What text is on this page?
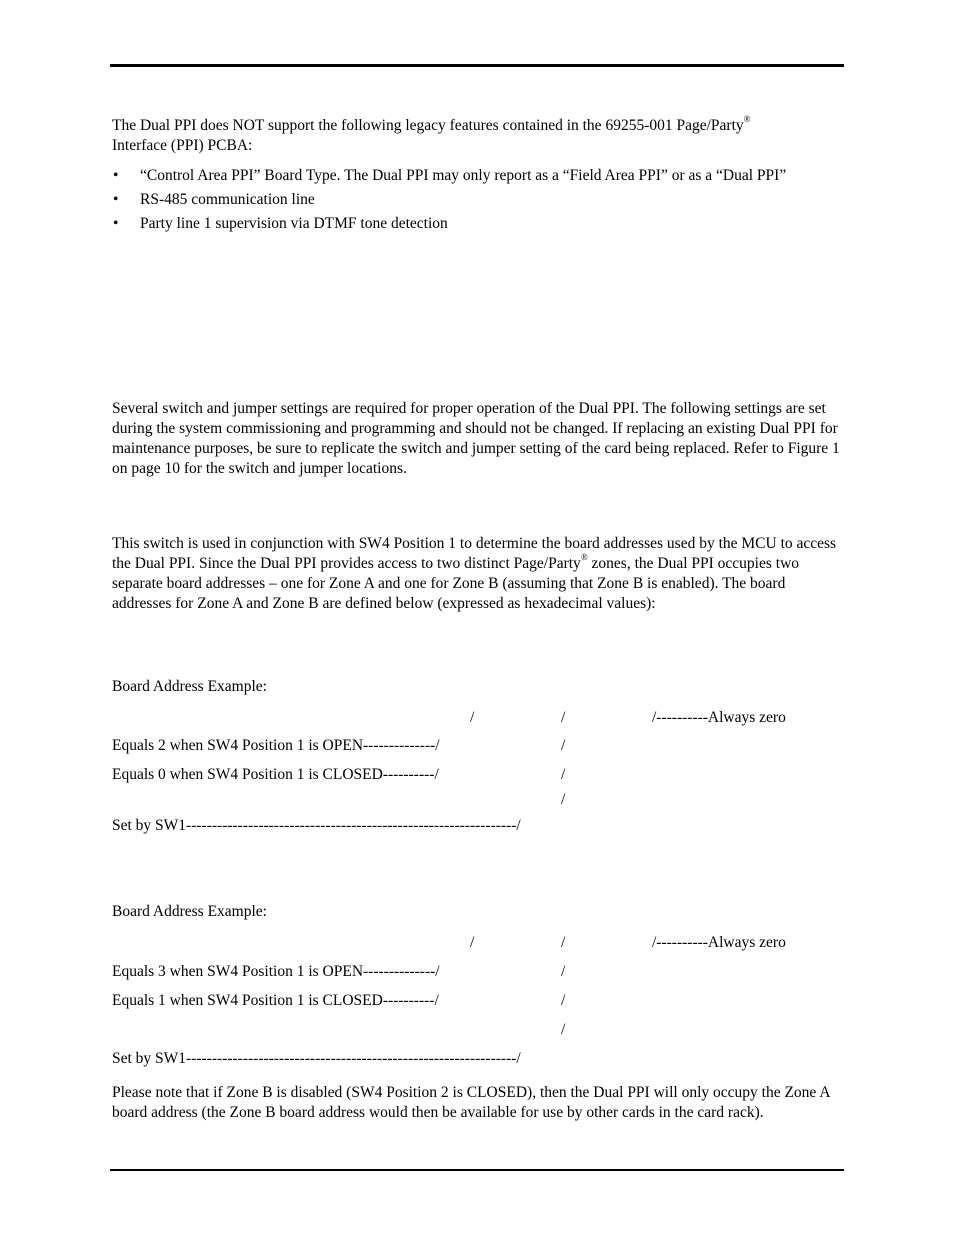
The Dual PPI does NOT support the following legacy features contained in the 69255-001 Page/Party®
Interface (PPI) PCBA:

• “Control Area PPI” Board Type. The Dual PPI may only report as a “Field Area PPI” or as a “Dual PPI”
• RS-485 communication line
• Party line 1 supervision via DTMF tone detection

Several switch and jumper settings are required for proper operation of the Dual PPI. The following settings are set during the system commissioning and programming and should not be changed. If replacing an existing Dual PPI for maintenance purposes, be sure to replicate the switch and jumper setting of the card being replaced. Refer to Figure 1 on page 10 for the switch and jumper locations.

This switch is used in conjunction with SW4 Position 1 to determine the board addresses used by the MCU to access the Dual PPI. Since the Dual PPI provides access to two distinct Page/Party® zones, the Dual PPI occupies two separate board addresses – one for Zone A and one for Zone B (assuming that Zone B is enabled). The board addresses for Zone A and Zone B are defined below (expressed as hexadecimal values):

Board Address Example:
/	/	/----------Always zero
Equals 2 when SW4 Position 1 is OPEN--------------/	/
Equals 0 when SW4 Position 1 is CLOSED----------/	/
/
Set by SW1----------------------------------------------------------------/
Board Address Example:
/	/	/----------Always zero
Equals 3 when SW4 Position 1 is OPEN--------------/	/
Equals 1 when SW4 Position 1 is CLOSED----------/	/
/
Set by SW1----------------------------------------------------------------/

Please note that if Zone B is disabled (SW4 Position 2 is CLOSED), then the Dual PPI will only occupy the Zone A board address (the Zone B board address would then be available for use by other cards in the card rack).
